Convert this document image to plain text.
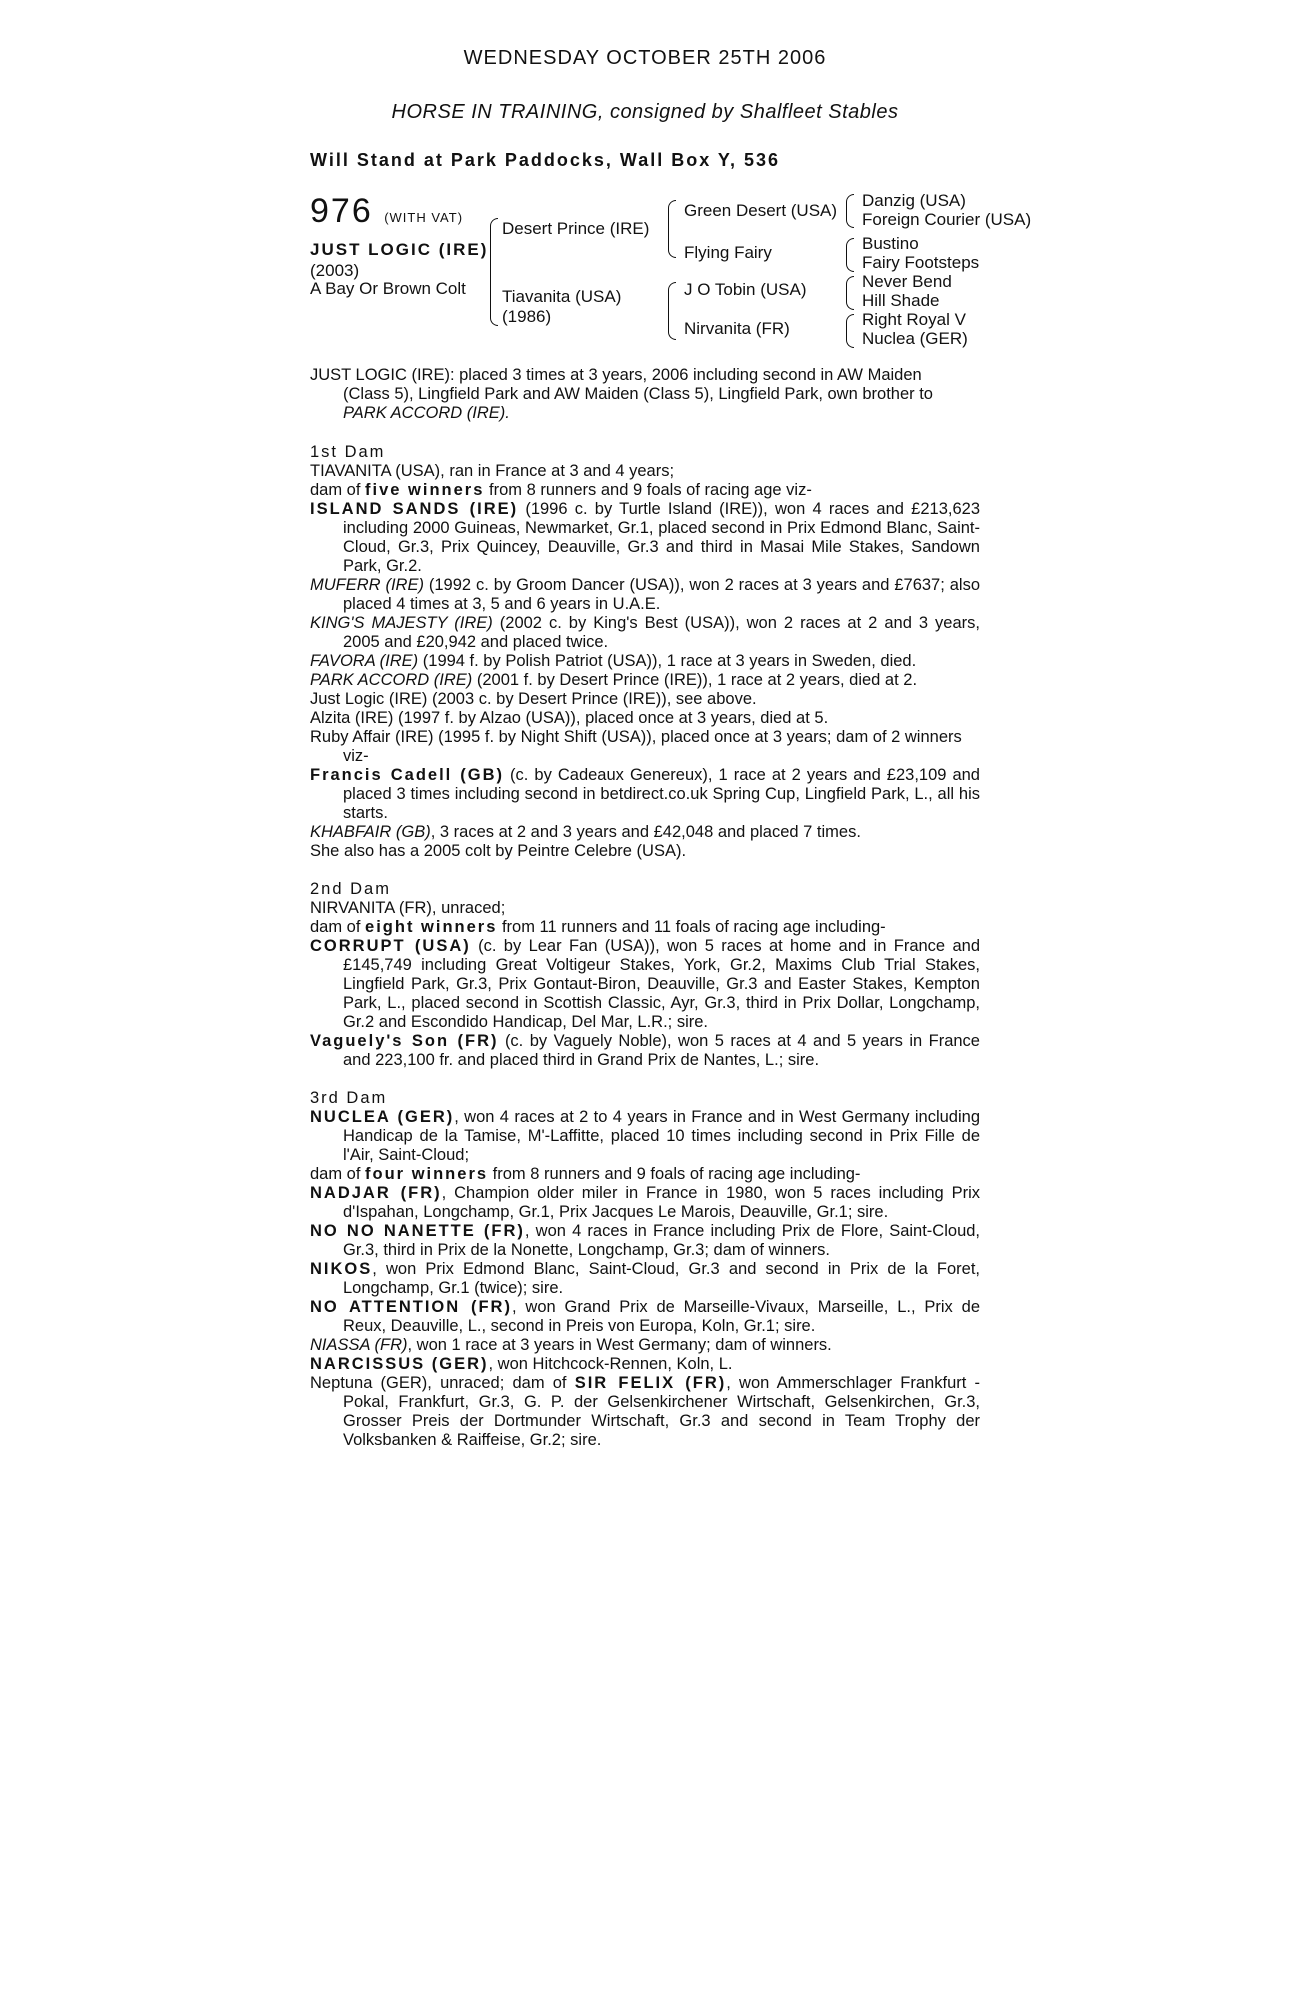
WEDNESDAY OCTOBER 25TH 2006
HORSE IN TRAINING, consigned by Shalfleet Stables
Will Stand at Park Paddocks, Wall Box Y, 536
976 (WITH VAT)
JUST LOGIC (IRE)
(2003)
A Bay Or Brown Colt
Desert Prince (IRE)
Tiavanita (USA)
(1986)
Green Desert (USA)
Flying Fairy
J O Tobin (USA)
Nirvanita (FR)
Danzig (USA)
Foreign Courier (USA)
Bustino
Fairy Footsteps
Never Bend
Hill Shade
Right Royal V
Nuclea (GER)

JUST LOGIC (IRE): placed 3 times at 3 years, 2006 including second in AW Maiden

(Class 5), Lingfield Park and AW Maiden (Class 5), Lingfield Park, own brother to

PARK ACCORD (IRE).

1st Dam

TIAVANITA (USA), ran in France at 3 and 4 years;

dam of five winners from 8 runners and 9 foals of racing age viz-

ISLAND SANDS (IRE) (1996 c. by Turtle Island (IRE)), won 4 races and £213,623 including 2000 Guineas, Newmarket, Gr.1, placed second in Prix Edmond Blanc, Saint-Cloud, Gr.3, Prix Quincey, Deauville, Gr.3 and third in Masai Mile Stakes, Sandown Park, Gr.2.

MUFERR (IRE) (1992 c. by Groom Dancer (USA)), won 2 races at 3 years and £7637; also placed 4 times at 3, 5 and 6 years in U.A.E.

KING'S MAJESTY (IRE) (2002 c. by King's Best (USA)), won 2 races at 2 and 3 years, 2005 and £20,942 and placed twice.

FAVORA (IRE) (1994 f. by Polish Patriot (USA)), 1 race at 3 years in Sweden, died.

PARK ACCORD (IRE) (2001 f. by Desert Prince (IRE)), 1 race at 2 years, died at 2.

Just Logic (IRE) (2003 c. by Desert Prince (IRE)), see above.

Alzita (IRE) (1997 f. by Alzao (USA)), placed once at 3 years, died at 5.

Ruby Affair (IRE) (1995 f. by Night Shift (USA)), placed once at 3 years; dam of 2 winners viz-

Francis Cadell (GB) (c. by Cadeaux Genereux), 1 race at 2 years and £23,109 and placed 3 times including second in betdirect.co.uk Spring Cup, Lingfield Park, L., all his starts.

KHABFAIR (GB), 3 races at 2 and 3 years and £42,048 and placed 7 times.

She also has a 2005 colt by Peintre Celebre (USA).

2nd Dam

NIRVANITA (FR), unraced;

dam of eight winners from 11 runners and 11 foals of racing age including-

CORRUPT (USA) (c. by Lear Fan (USA)), won 5 races at home and in France and £145,749 including Great Voltigeur Stakes, York, Gr.2, Maxims Club Trial Stakes, Lingfield Park, Gr.3, Prix Gontaut-Biron, Deauville, Gr.3 and Easter Stakes, Kempton Park, L., placed second in Scottish Classic, Ayr, Gr.3, third in Prix Dollar, Longchamp, Gr.2 and Escondido Handicap, Del Mar, L.R.; sire.

Vaguely's Son (FR) (c. by Vaguely Noble), won 5 races at 4 and 5 years in France and 223,100 fr. and placed third in Grand Prix de Nantes, L.; sire.

3rd Dam

NUCLEA (GER), won 4 races at 2 to 4 years in France and in West Germany including Handicap de la Tamise, M'-Laffitte, placed 10 times including second in Prix Fille de l'Air, Saint-Cloud;

dam of four winners from 8 runners and 9 foals of racing age including-

NADJAR (FR), Champion older miler in France in 1980, won 5 races including Prix d'Ispahan, Longchamp, Gr.1, Prix Jacques Le Marois, Deauville, Gr.1; sire.

NO NO NANETTE (FR), won 4 races in France including Prix de Flore, Saint-Cloud, Gr.3, third in Prix de la Nonette, Longchamp, Gr.3; dam of winners.

NIKOS, won Prix Edmond Blanc, Saint-Cloud, Gr.3 and second in Prix de la Foret, Longchamp, Gr.1 (twice); sire.

NO ATTENTION (FR), won Grand Prix de Marseille-Vivaux, Marseille, L., Prix de Reux, Deauville, L., second in Preis von Europa, Koln, Gr.1; sire.

NIASSA (FR), won 1 race at 3 years in West Germany; dam of winners.

NARCISSUS (GER), won Hitchcock-Rennen, Koln, L.

Neptuna (GER), unraced; dam of SIR FELIX (FR), won Ammerschlager Frankfurt - Pokal, Frankfurt, Gr.3, G. P. der Gelsenkirchener Wirtschaft, Gelsenkirchen, Gr.3, Grosser Preis der Dortmunder Wirtschaft, Gr.3 and second in Team Trophy der Volksbanken & Raiffeise, Gr.2; sire.
